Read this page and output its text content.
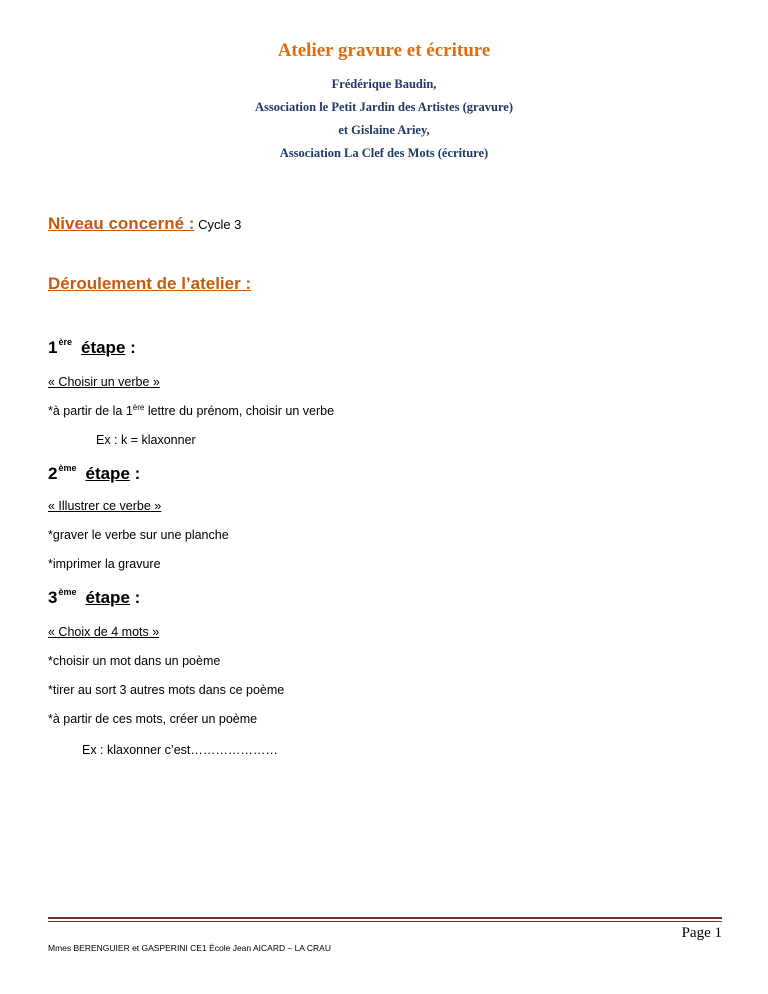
Atelier gravure et écriture
Frédérique Baudin,
Association le Petit Jardin des Artistes (gravure)
et Gislaine Ariey,
Association La Clef des Mots (écriture)
Niveau concerné : Cycle 3
Déroulement de l’atelier :
1ère étape :
« Choisir un verbe »
*à partir de la 1ère lettre du prénom, choisir un verbe
Ex : k = klaxonner
2ème étape :
« Illustrer ce verbe »
*graver le verbe sur une planche
*imprimer la gravure
3ème étape :
« Choix de 4 mots »
*choisir un mot dans un poème
*tirer au sort 3 autres mots dans ce poème
*à partir de ces mots, créer un poème
Ex : klaxonner c’est…………………
Page 1
Mmes BERENGUIER et GASPERINI CE1 École Jean AICARD – LA CRAU
